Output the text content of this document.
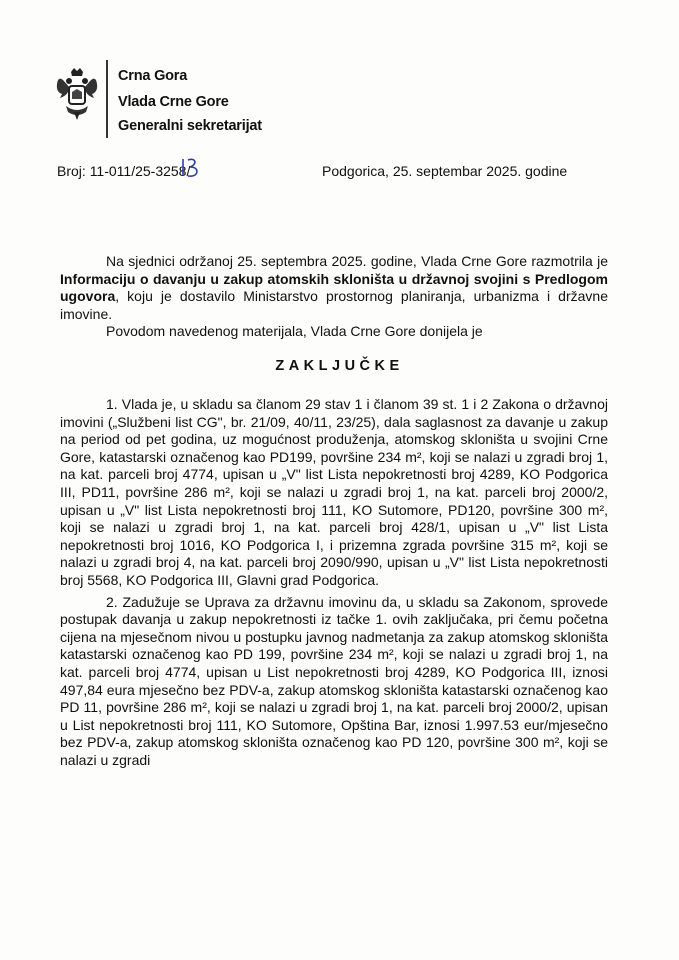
Crna Gora
Vlada Crne Gore
Generalni sekretarijat
Broj: 11-011/25-3258/	Podgorica, 25. septembar 2025. godine

Na sjednici održanoj 25. septembra 2025. godine, Vlada Crne Gore razmotrila je Informaciju o davanju u zakup atomskih skloništa u državnoj svojini s Predlogom ugovora, koju je dostavilo Ministarstvo prostornog planiranja, urbanizma i državne imovine.

Povodom navedenog materijala, Vlada Crne Gore donijela je

ZAKLJUČKE

1. Vlada je, u skladu sa članom 29 stav 1 i članom 39 st. 1 i 2 Zakona o državnoj imovini („Službeni list CG", br. 21/09, 40/11, 23/25), dala saglasnost za davanje u zakup na period od pet godina, uz mogućnost produženja, atomskog skloništa u svojini Crne Gore, katastarski označenog kao PD199, površine 234 m², koji se nalazi u zgradi broj 1, na kat. parceli broj 4774, upisan u „V" list Lista nepokretnosti broj 4289, KO Podgorica III, PD11, površine 286 m², koji se nalazi u zgradi broj 1, na kat. parceli broj 2000/2, upisan u „V" list Lista nepokretnosti broj 111, KO Sutomore, PD120, površine 300 m², koji se nalazi u zgradi broj 1, na kat. parceli broj 428/1, upisan u „V" list Lista nepokretnosti broj 1016, KO Podgorica I, i prizemna zgrada površine 315 m², koji se nalazi u zgradi broj 4, na kat. parceli broj 2090/990, upisan u „V" list Lista nepokretnosti broj 5568, KO Podgorica III, Glavni grad Podgorica.

2. Zadužuje se Uprava za državnu imovinu da, u skladu sa Zakonom, sprovede postupak davanja u zakup nepokretnosti iz tačke 1. ovih zaključaka, pri čemu početna cijena na mjesečnom nivou u postupku javnog nadmetanja za zakup atomskog skloništa katastarski označenog kao PD 199, površine 234 m², koji se nalazi u zgradi broj 1, na kat. parceli broj 4774, upisan u List nepokretnosti broj 4289, KO Podgorica III, iznosi 497,84 eura mjesečno bez PDV-a, zakup atomskog skloništa katastarski označenog kao PD 11, površine 286 m², koji se nalazi u zgradi broj 1, na kat. parceli broj 2000/2, upisan u List nepokretnosti broj 111, KO Sutomore, Opština Bar, iznosi 1.997.53 eur/mjesečno bez PDV-a, zakup atomskog skloništa označenog kao PD 120, površine 300 m², koji se nalazi u zgradi
